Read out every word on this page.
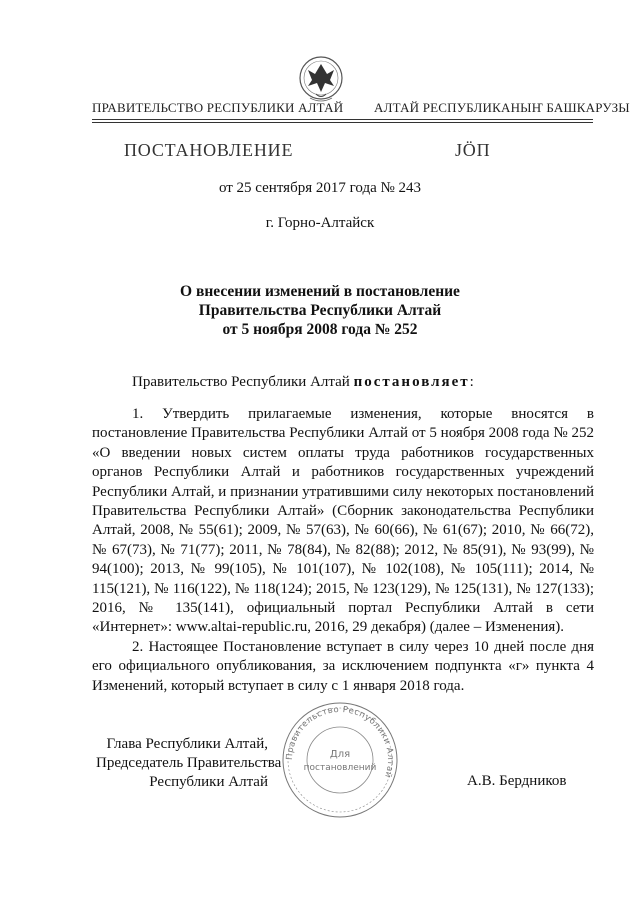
ПРАВИТЕЛЬСТВО РЕСПУБЛИКИ АЛТАЙ АЛТАЙ РЕСПУБЛИКАНЫҤ БАШКАРУЗЫ
ПОСТАНОВЛЕНИЕ	ЈÖП
от 25 сентября 2017 года № 243
г. Горно-Алтайск
О внесении изменений в постановление
Правительства Республики Алтай
от 5 ноября 2008 года № 252
Правительство Республики Алтай постановляет:

1. Утвердить прилагаемые изменения, которые вносятся в постановление Правительства Республики Алтай от 5 ноября 2008 года № 252 «О введении новых систем оплаты труда работников государственных органов Республики Алтай и работников государственных учреждений Республики Алтай, и признании утратившими силу некоторых постановлений Правительства Республики Алтай» (Сборник законодательства Республики Алтай, 2008, № 55(61); 2009, № 57(63), № 60(66), № 61(67); 2010, № 66(72), № 67(73), № 71(77); 2011, № 78(84), № 82(88); 2012, № 85(91), № 93(99), № 94(100); 2013, № 99(105), № 101(107), № 102(108), № 105(111); 2014, № 115(121), № 116(122), № 118(124); 2015, № 123(129), № 125(131), № 127(133); 2016, № 135(141), официальный портал Республики Алтай в сети «Интернет»: www.altai-republic.ru, 2016, 29 декабря) (далее – Изменения).

2. Настоящее Постановление вступает в силу через 10 дней после дня его официального опубликования, за исключением подпункта «г» пункта 4 Изменений, который вступает в силу с 1 января 2018 года.

Правительство Республики Алтай
Для
постановлений
Глава Республики Алтай,
Председатель Правительства
Республики Алтай	А.В. Бердников
